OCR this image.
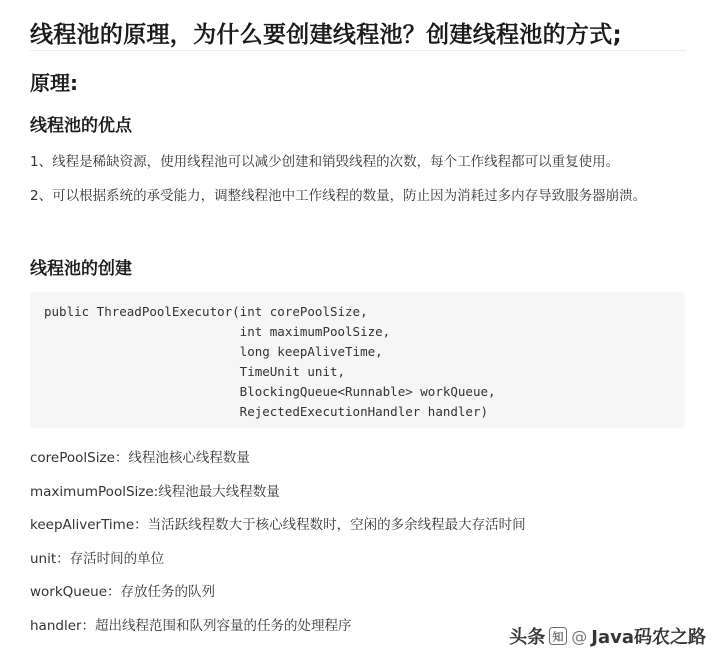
线程池的原理，为什么要创建线程池？创建线程池的方式;
原理:
线程池的优点

1、线程是稀缺资源，使用线程池可以减少创建和销毁线程的次数，每个工作线程都可以重复使用。

2、可以根据系统的承受能力，调整线程池中工作线程的数量，防止因为消耗过多内存导致服务器崩溃。

线程池的创建
public ThreadPoolExecutor(int corePoolSize,
int maximumPoolSize,
long keepAliveTime,
TimeUnit unit,
BlockingQueue<Runnable> workQueue,
RejectedExecutionHandler handler)

corePoolSize：线程池核心线程数量

maximumPoolSize:线程池最大线程数量

keepAliverTime：当活跃线程数大于核心线程数时，空闲的多余线程最大存活时间

unit：存活时间的单位

workQueue：存放任务的队列

handler：超出线程范围和队列容量的任务的处理程序

头条 知 @ Java码农之路
